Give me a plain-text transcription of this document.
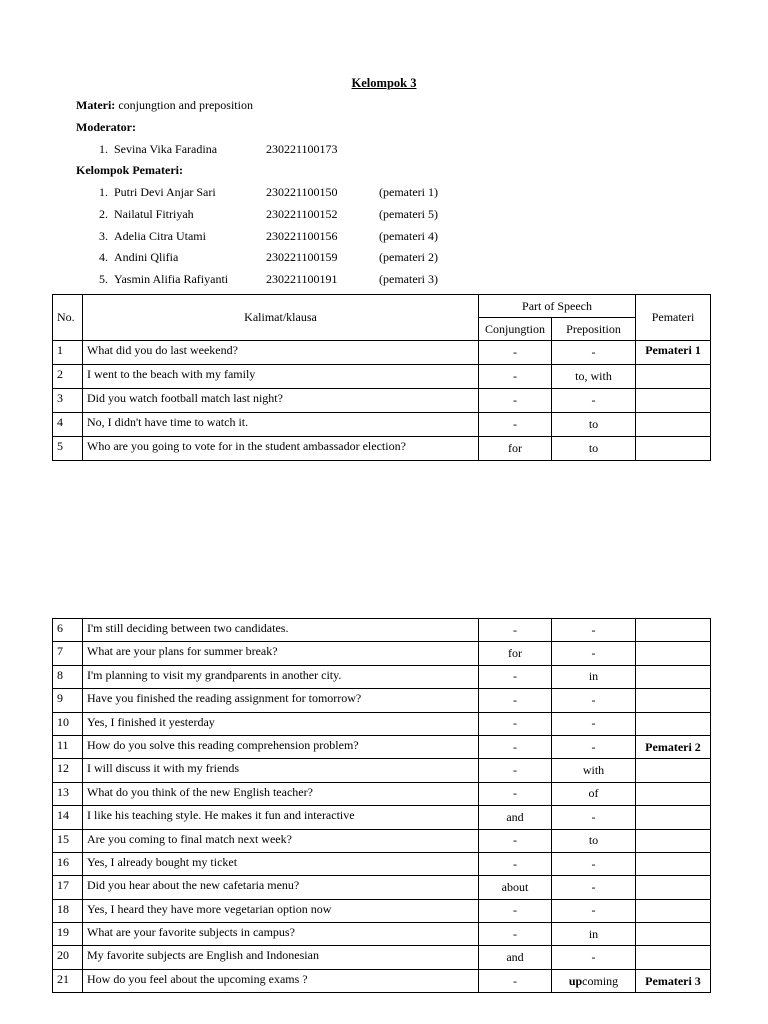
Kelompok 3
Materi: conjungtion and preposition
Moderator:
1. Sevina Vika Faradina	230221100173
Kelompok Pemateri:
1. Putri Devi Anjar Sari	230221100150	(pemateri 1)
2. Nailatul Fitriyah	230221100152	(pemateri 5)
3. Adelia Citra Utami	230221100156	(pemateri 4)
4. Andini Qlifia	230221100159	(pemateri 2)
5. Yasmin Alifia Rafiyanti	230221100191	(pemateri 3)
No.	Kalimat/klausa	Part of Speech		Pemateri
		Conjungtion	Preposition	
1	What did you do last weekend?	-	-	Pemateri 1
2	I went to the beach with my family	-	to, with	
3	Did you watch football match last night?	-	-	
4	No, I didn't have time to watch it.	-	to	
5	Who are you going to vote for in the student ambassador election?	for	to	
6	I'm still deciding between two candidates.	-	-	
7	What are your plans for summer break?	for	-	
8	I'm planning to visit my grandparents in another city.	-	in	
9	Have you finished the reading assignment for tomorrow?	-	-	
10	Yes, I finished it yesterday	-	-	
11	How do you solve this reading comprehension problem?	-	-	Pemateri 2
12	I will discuss it with my friends	-	with	
13	What do you think of the new English teacher?	-	of	
14	I like his teaching style. He makes it fun and interactive	and	-	
15	Are you coming to final match next week?	-	to	
16	Yes, I already bought my ticket	-	-	
17	Did you hear about the new cafetaria menu?	about	-	
18	Yes, I heard they have more vegetarian option now	-	-	
19	What are your favorite subjects in campus?	-	in	
20	My favorite subjects are English and Indonesian	and	-	
21	How do you feel about the upcoming exams ?	-	upcoming	Pemateri 3
